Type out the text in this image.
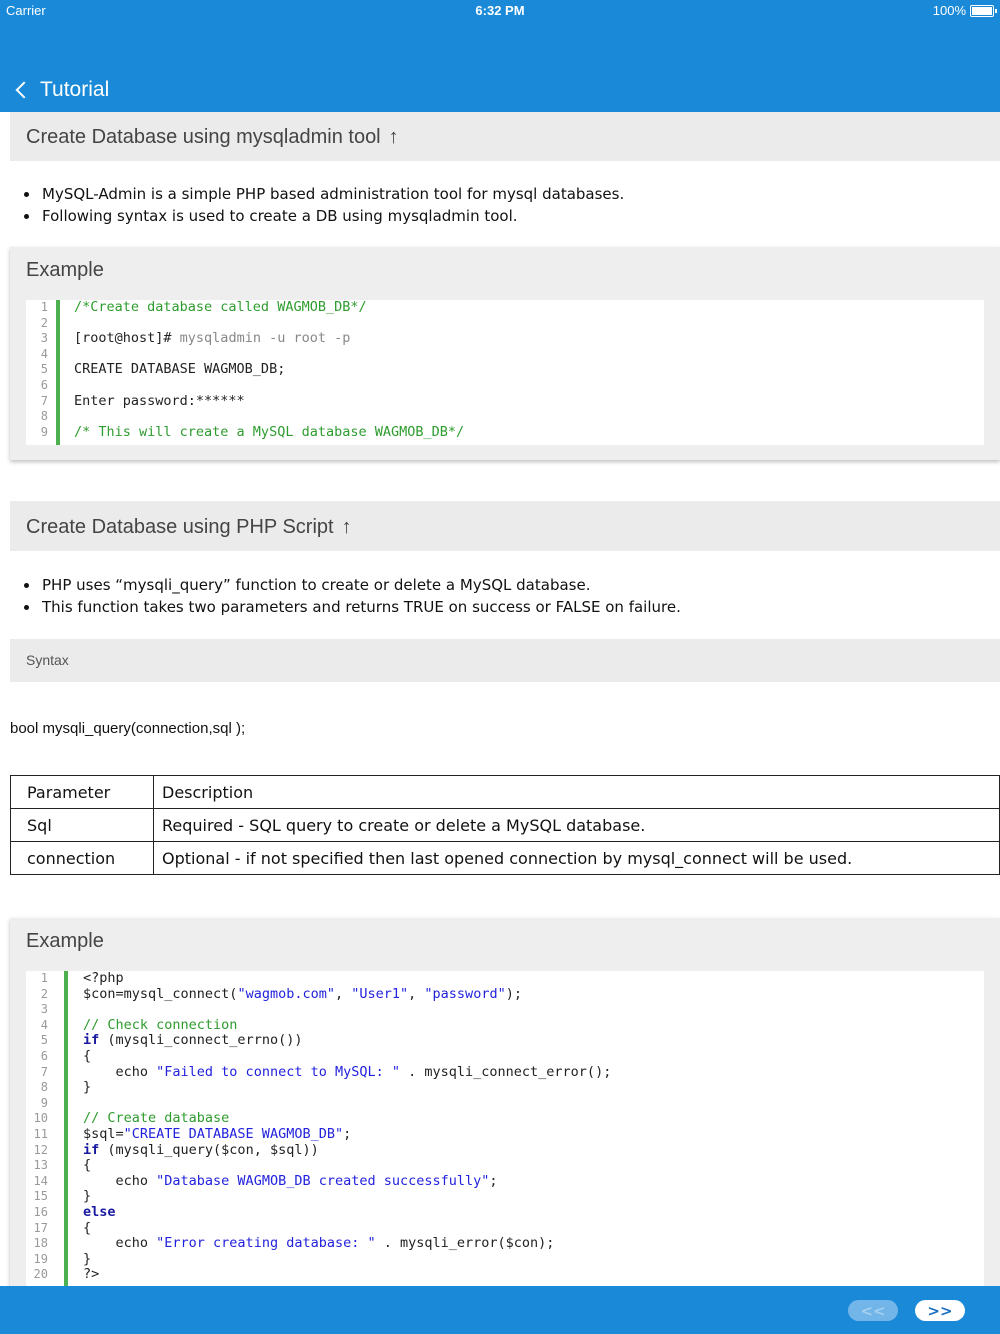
Carrier	6:32 PM	100%
Tutorial
Create Database using mysqladmin tool ↑
• MySQL-Admin is a simple PHP based administration tool for mysql databases.
• Following syntax is used to create a DB using mysqladmin tool.
Example
1 /*Create database called WAGMOB_DB*/
2
3 [root@host]# mysqladmin -u root -p
4
5 CREATE DATABASE WAGMOB_DB;
6
7 Enter password:******
8
9 /* This will create a MySQL database WAGMOB_DB*/
Create Database using PHP Script ↑
• PHP uses “mysqli_query” function to create or delete a MySQL database.
• This function takes two parameters and returns TRUE on success or FALSE on failure.
Syntax
bool mysqli_query(connection,sql );
Parameter	Description
Sql	Required - SQL query to create or delete a MySQL database.
connection	Optional - if not specified then last opened connection by mysql_connect will be used.
Example
1	<?php
2	$con=mysql_connect("wagmob.com", "User1", "password");
3
4	// Check connection
5	if (mysqli_connect_errno())
6	{
7	echo "Failed to connect to MySQL: " . mysqli_connect_error();
8	}
9
10	// Create database
11	$sql="CREATE DATABASE WAGMOB_DB";
12	if (mysqli_query($con, $sql))
13	{
14	echo "Database WAGMOB_DB created successfully";
15	}
16	else
17	{
18	echo "Error creating database: " . mysqli_error($con);
19	}
20	?>
<<	>>
